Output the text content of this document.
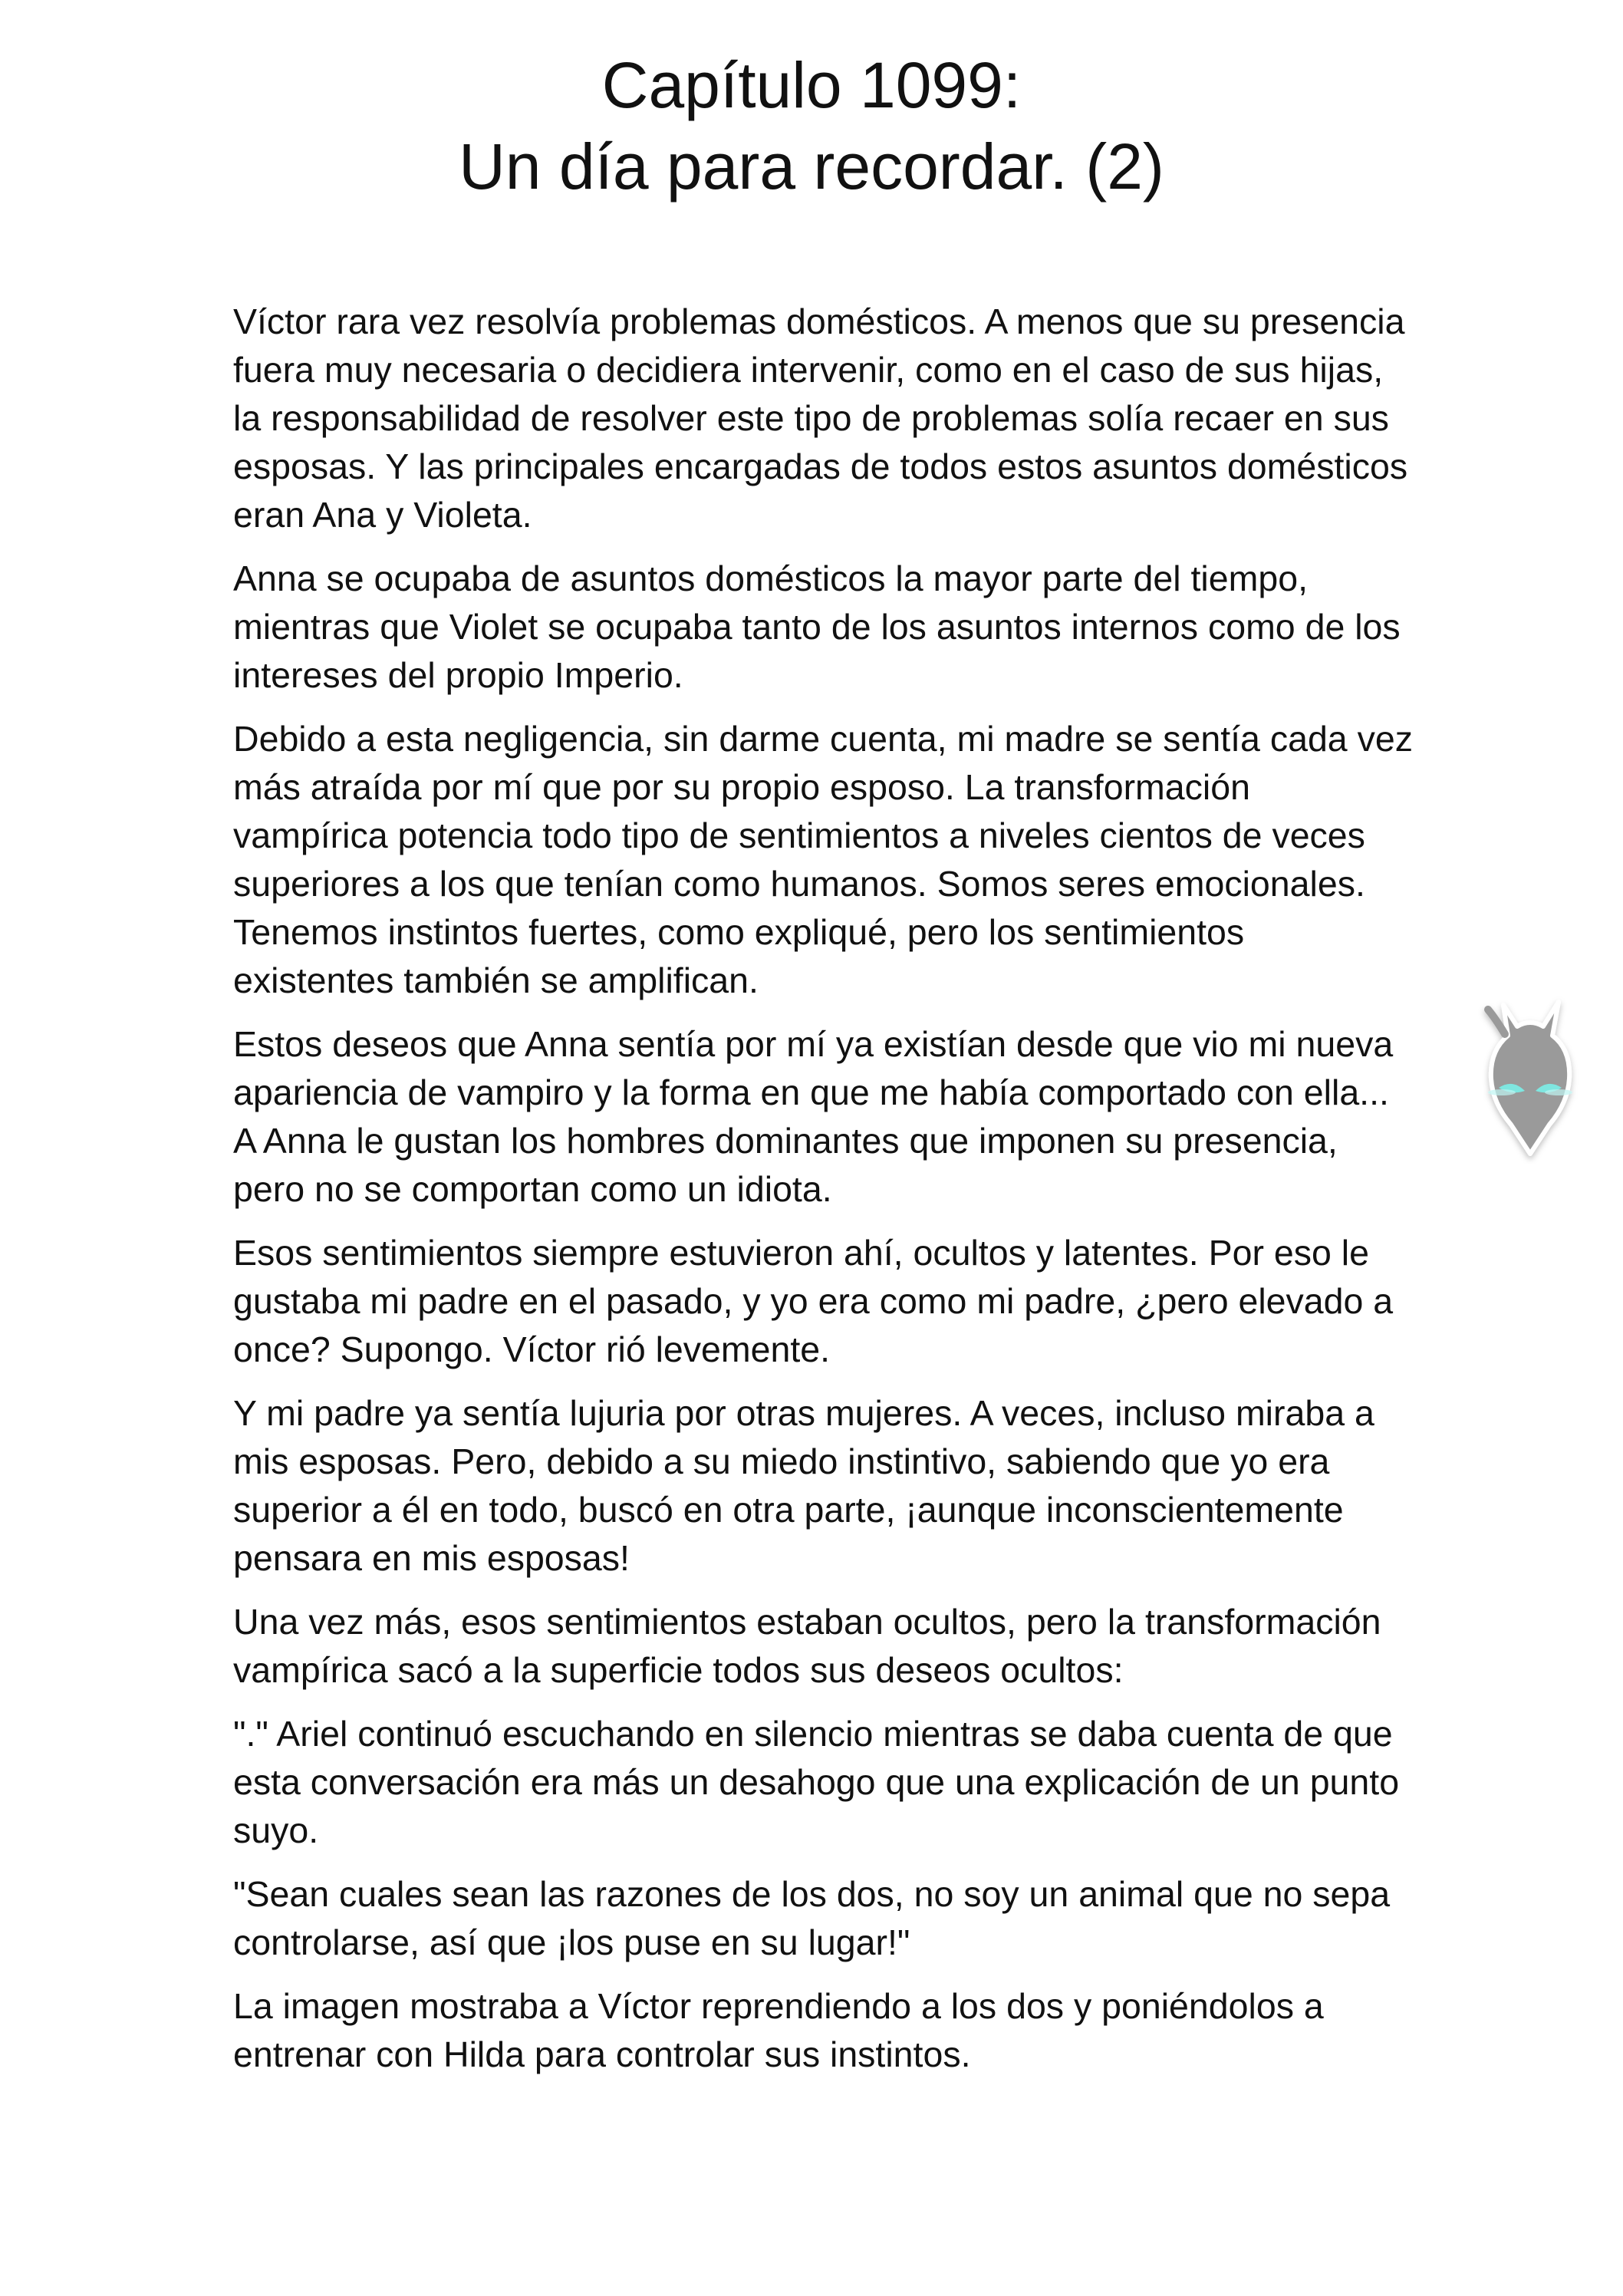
Capítulo 1099:
Un día para recordar. (2)

Víctor rara vez resolvía problemas domésticos. A menos que su presencia fuera muy necesaria o decidiera intervenir, como en el caso de sus hijas, la responsabilidad de resolver este tipo de problemas solía recaer en sus esposas. Y las principales encargadas de todos estos asuntos domésticos eran Ana y Violeta.

Anna se ocupaba de asuntos domésticos la mayor parte del tiempo, mientras que Violet se ocupaba tanto de los asuntos internos como de los intereses del propio Imperio.

Debido a esta negligencia, sin darme cuenta, mi madre se sentía cada vez más atraída por mí que por su propio esposo. La transformación vampírica potencia todo tipo de sentimientos a niveles cientos de veces superiores a los que tenían como humanos. Somos seres emocionales. Tenemos instintos fuertes, como expliqué, pero los sentimientos existentes también se amplifican.

Estos deseos que Anna sentía por mí ya existían desde que vio mi nueva apariencia de vampiro y la forma en que me había comportado con ella... A Anna le gustan los hombres dominantes que imponen su presencia, pero no se comportan como un idiota.

Esos sentimientos siempre estuvieron ahí, ocultos y latentes. Por eso le gustaba mi padre en el pasado, y yo era como mi padre, ¿pero elevado a once? Supongo. Víctor rió levemente.

Y mi padre ya sentía lujuria por otras mujeres. A veces, incluso miraba a mis esposas. Pero, debido a su miedo instintivo, sabiendo que yo era superior a él en todo, buscó en otra parte, ¡aunque inconscientemente pensara en mis esposas!

Una vez más, esos sentimientos estaban ocultos, pero la transformación vampírica sacó a la superficie todos sus deseos ocultos:

"." Ariel continuó escuchando en silencio mientras se daba cuenta de que esta conversación era más un desahogo que una explicación de un punto suyo.

"Sean cuales sean las razones de los dos, no soy un animal que no sepa controlarse, así que ¡los puse en su lugar!"

La imagen mostraba a Víctor reprendiendo a los dos y poniéndolos a entrenar con Hilda para controlar sus instintos.
